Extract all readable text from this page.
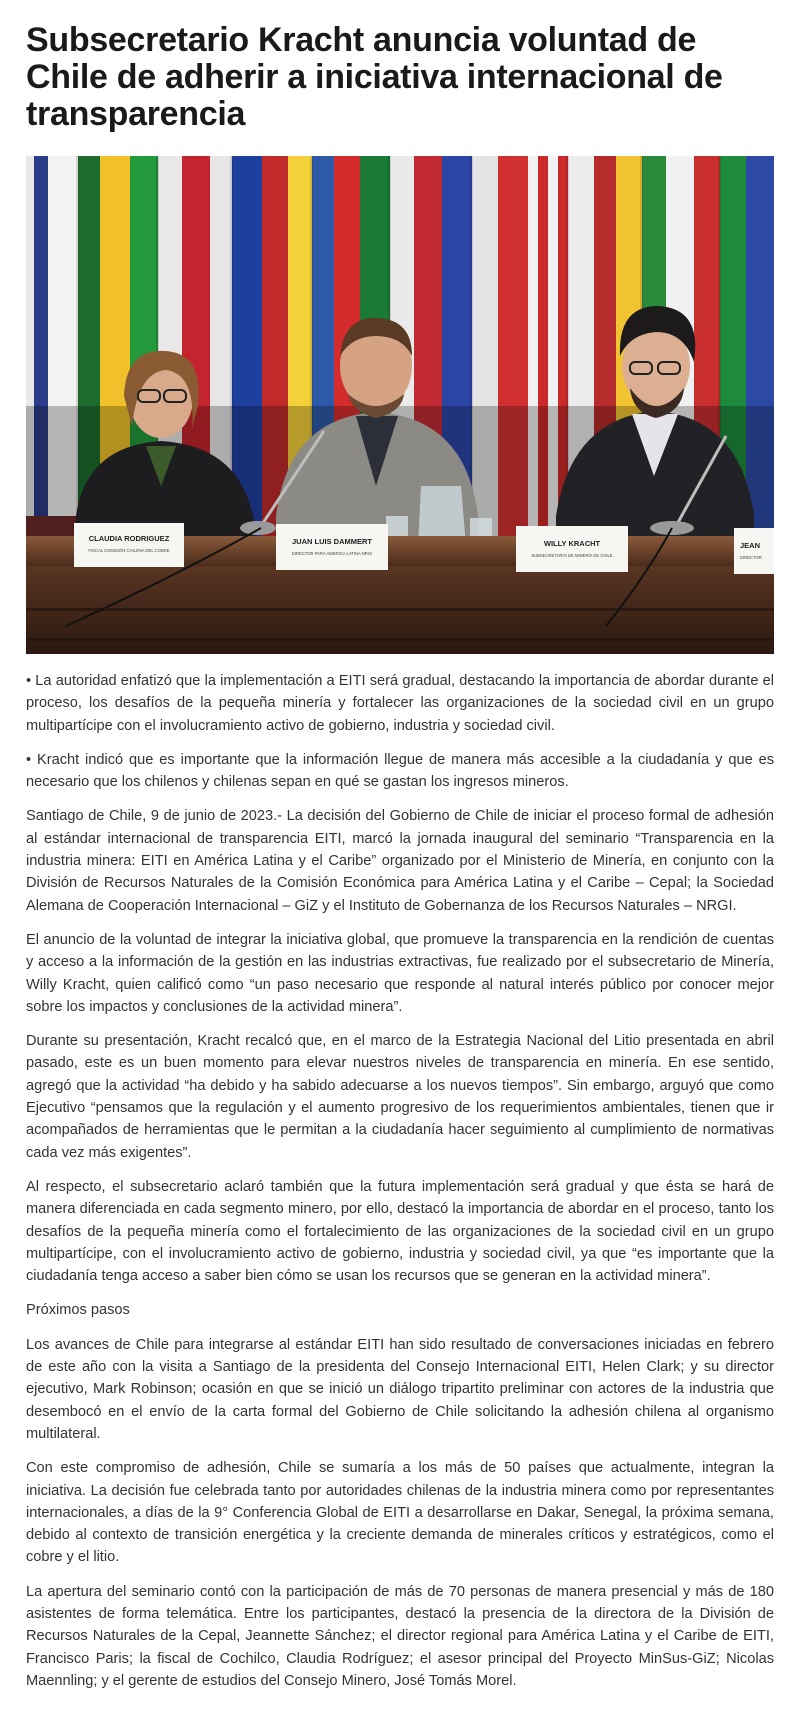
Subsecretario Kracht anuncia voluntad de Chile de adherir a iniciativa internacional de transparencia
CLAUDIA RODRIGUEZ
FISCAL COMISIÓN CHILENA DEL COBRE
JUAN LUIS DAMMERT
DIRECTOR PARA AMÉRICA LATINA NRGI
WILLY KRACHT
SUBSECRETARIO DE MINERÍA DE CHILE
JEAN
DIRECTOR

• La autoridad enfatizó que la implementación a EITI será gradual, destacando la importancia de abordar durante el proceso, los desafíos de la pequeña minería y fortalecer las organizaciones de la sociedad civil en un grupo multipartícipe con el involucramiento activo de gobierno, industria y sociedad civil.

• Kracht indicó que es importante que la información llegue de manera más accesible a la ciudadanía y que es necesario que los chilenos y chilenas sepan en qué se gastan los ingresos mineros.

Santiago de Chile, 9 de junio de 2023.- La decisión del Gobierno de Chile de iniciar el proceso formal de adhesión al estándar internacional de transparencia EITI, marcó la jornada inaugural del seminario “Transparencia en la industria minera: EITI en América Latina y el Caribe” organizado por el Ministerio de Minería, en conjunto con la División de Recursos Naturales de la Comisión Económica para América Latina y el Caribe – Cepal; la Sociedad Alemana de Cooperación Internacional – GiZ y el Instituto de Gobernanza de los Recursos Naturales – NRGI.

El anuncio de la voluntad de integrar la iniciativa global, que promueve la transparencia en la rendición de cuentas y acceso a la información de la gestión en las industrias extractivas, fue realizado por el subsecretario de Minería, Willy Kracht, quien calificó como “un paso necesario que responde al natural interés público por conocer mejor sobre los impactos y conclusiones de la actividad minera”.

Durante su presentación, Kracht recalcó que, en el marco de la Estrategia Nacional del Litio presentada en abril pasado, este es un buen momento para elevar nuestros niveles de transparencia en minería. En ese sentido, agregó que la actividad “ha debido y ha sabido adecuarse a los nuevos tiempos”. Sin embargo, arguyó que como Ejecutivo “pensamos que la regulación y el aumento progresivo de los requerimientos ambientales, tienen que ir acompañados de herramientas que le permitan a la ciudadanía hacer seguimiento al cumplimiento de normativas cada vez más exigentes”.

Al respecto, el subsecretario aclaró también que la futura implementación será gradual y que ésta se hará de manera diferenciada en cada segmento minero, por ello, destacó la importancia de abordar en el proceso, tanto los desafíos de la pequeña minería como el fortalecimiento de las organizaciones de la sociedad civil en un grupo multipartícipe, con el involucramiento activo de gobierno, industria y sociedad civil, ya que “es importante que la ciudadanía tenga acceso a saber bien cómo se usan los recursos que se generan en la actividad minera”.

Próximos pasos

Los avances de Chile para integrarse al estándar EITI han sido resultado de conversaciones iniciadas en febrero de este año con la visita a Santiago de la presidenta del Consejo Internacional EITI, Helen Clark; y su director ejecutivo, Mark Robinson; ocasión en que se inició un diálogo tripartito preliminar con actores de la industria que desembocó en el envío de la carta formal del Gobierno de Chile solicitando la adhesión chilena al organismo multilateral.

Con este compromiso de adhesión, Chile se sumaría a los más de 50 países que actualmente, integran la iniciativa. La decisión fue celebrada tanto por autoridades chilenas de la industria minera como por representantes internacionales, a días de la 9° Conferencia Global de EITI a desarrollarse en Dakar, Senegal, la próxima semana, debido al contexto de transición energética y la creciente demanda de minerales críticos y estratégicos, como el cobre y el litio.

La apertura del seminario contó con la participación de más de 70 personas de manera presencial y más de 180 asistentes de forma telemática. Entre los participantes, destacó la presencia de la directora de la División de Recursos Naturales de la Cepal, Jeannette Sánchez; el director regional para América Latina y el Caribe de EITI, Francisco Paris; la fiscal de Cochilco, Claudia Rodríguez; el asesor principal del Proyecto MinSus-GiZ; Nicolas Maennling; y el gerente de estudios del Consejo Minero, José Tomás Morel.
